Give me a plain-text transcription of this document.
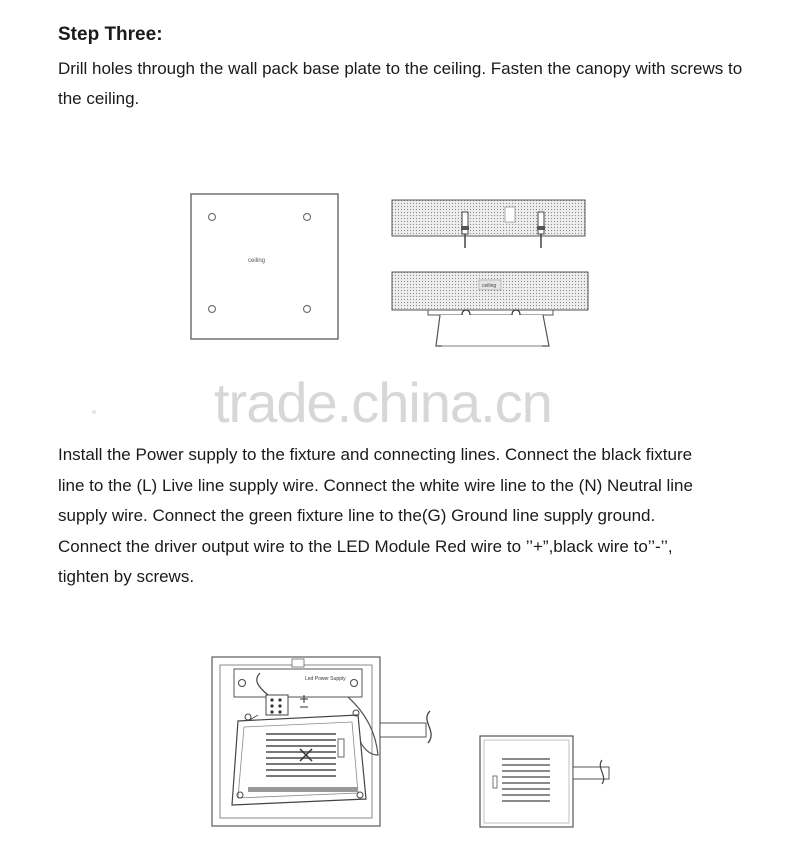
Step Three:
Drill holes through the wall pack base plate to the ceiling. Fasten the canopy with screws to the ceiling.
ceiling
ceiling
trade.china.cn
Install the Power supply to the fixture and connecting lines. Connect the black fixture
line to the (L) Live line supply wire. Connect the white wire line to the (N) Neutral line
supply wire. Connect the green fixture line to the(G) Ground line supply ground.
Connect the driver output wire to the LED Module Red wire to ’’+”,black wire to’’-’’,
tighten by screws.
Led Power Supply
